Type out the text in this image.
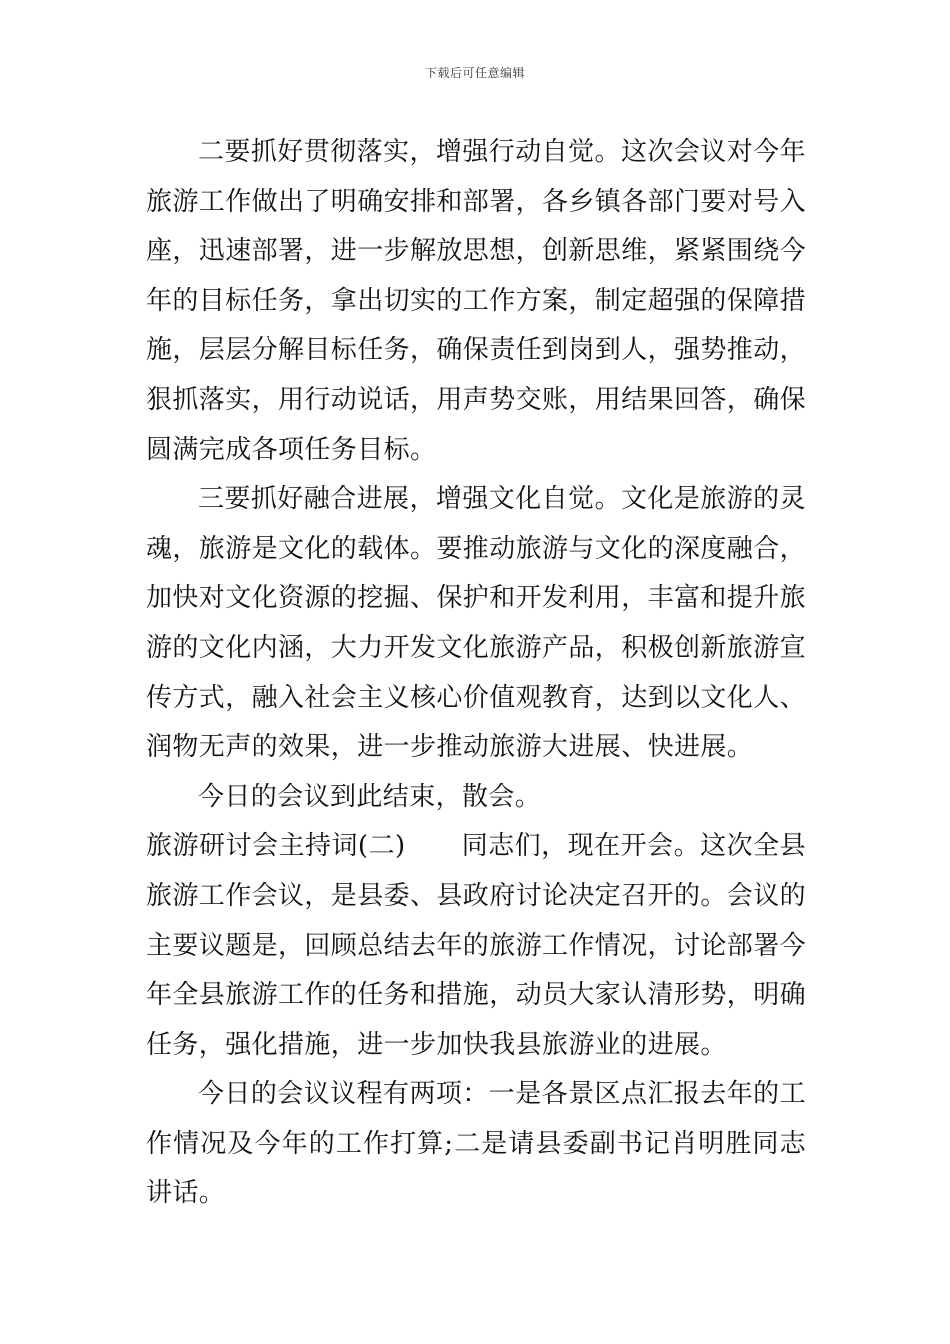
下载后可任意编辑

二要抓好贯彻落实，增强行动自觉。这次会议对今年旅游工作做出了明确安排和部署，各乡镇各部门要对号入座，迅速部署，进一步解放思想，创新思维，紧紧围绕今年的目标任务，拿出切实的工作方案，制定超强的保障措施，层层分解目标任务，确保责任到岗到人，强势推动，狠抓落实，用行动说话，用声势交账，用结果回答，确保圆满完成各项任务目标。

三要抓好融合进展，增强文化自觉。文化是旅游的灵魂，旅游是文化的载体。要推动旅游与文化的深度融合，加快对文化资源的挖掘、保护和开发利用，丰富和提升旅游的文化内涵，大力开发文化旅游产品，积极创新旅游宣传方式，融入社会主义核心价值观教育，达到以文化人、润物无声的效果，进一步推动旅游大进展、快进展。

今日的会议到此结束，散会。

旅游研讨会主持词(二) 同志们，现在开会。这次全县旅游工作会议，是县委、县政府讨论决定召开的。会议的主要议题是，回顾总结去年的旅游工作情况，讨论部署今年全县旅游工作的任务和措施，动员大家认清形势，明确任务，强化措施，进一步加快我县旅游业的进展。

今日的会议议程有两项：一是各景区点汇报去年的工作情况及今年的工作打算;二是请县委副书记肖明胜同志讲话。
